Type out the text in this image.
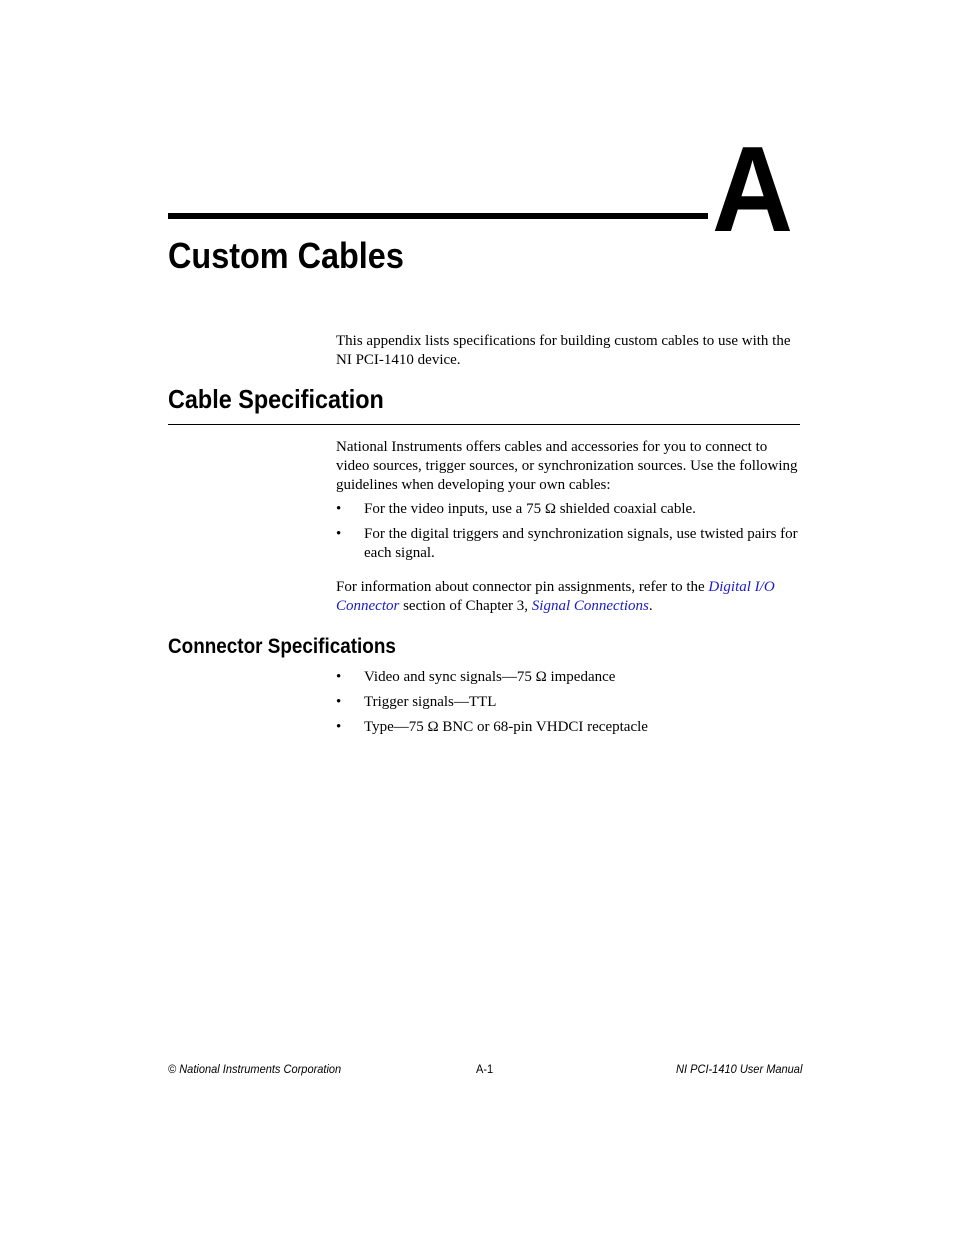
A
Custom Cables
This appendix lists specifications for building custom cables to use with the NI PCI-1410 device.
Cable Specification
National Instruments offers cables and accessories for you to connect to video sources, trigger sources, or synchronization sources. Use the following guidelines when developing your own cables:
• For the video inputs, use a 75 Ω shielded coaxial cable.
• For the digital triggers and synchronization signals, use twisted pairs for each signal.
For information about connector pin assignments, refer to the Digital I/O Connector section of Chapter 3, Signal Connections.
Connector Specifications
• Video and sync signals—75 Ω impedance
• Trigger signals—TTL
• Type—75 Ω BNC or 68-pin VHDCI receptacle
© National Instruments Corporation	A-1	NI PCI-1410 User Manual
